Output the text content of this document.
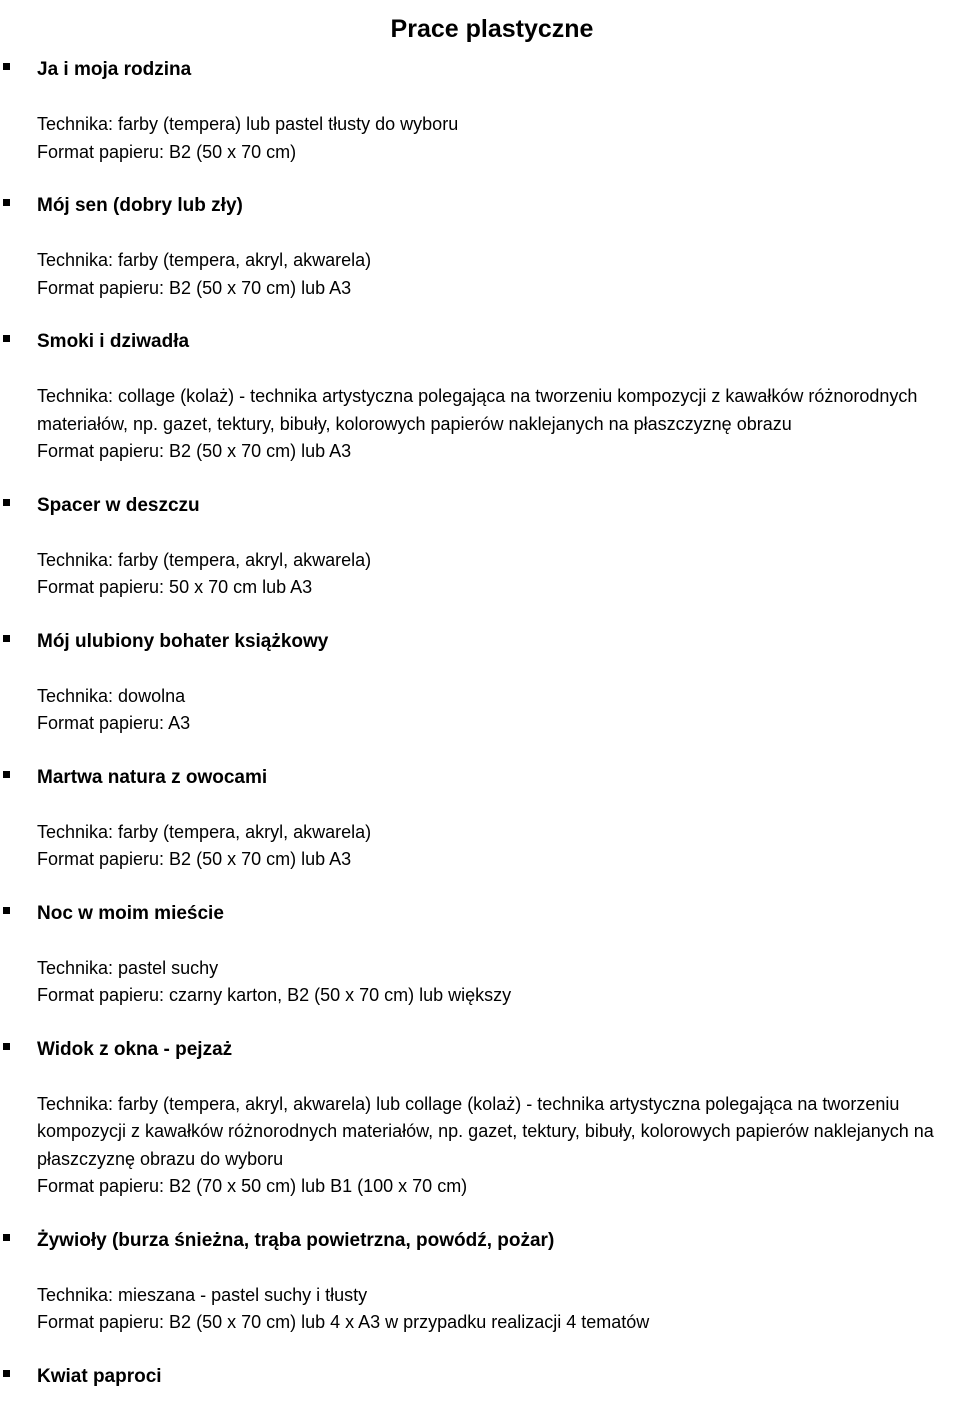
Prace plastyczne
Ja i moja rodzina
Technika: farby (tempera) lub pastel tłusty do wyboru
Format papieru: B2 (50 x 70 cm)
Mój sen (dobry lub zły)
Technika: farby (tempera, akryl, akwarela)
Format papieru: B2 (50 x 70 cm) lub A3
Smoki i dziwadła
Technika: collage (kolaż) - technika artystyczna polegająca na tworzeniu kompozycji z kawałków różnorodnych materiałów, np. gazet, tektury, bibuły, kolorowych papierów naklejanych na płaszczyznę obrazu
Format papieru: B2 (50 x 70 cm) lub A3
Spacer w deszczu
Technika: farby (tempera, akryl, akwarela)
Format papieru: 50 x 70 cm lub A3
Mój ulubiony bohater książkowy
Technika: dowolna
Format papieru: A3
Martwa natura z owocami
Technika: farby (tempera, akryl, akwarela)
Format papieru: B2 (50 x 70 cm) lub A3
Noc w moim mieście
Technika: pastel suchy
Format papieru: czarny karton, B2 (50 x 70 cm) lub większy
Widok z okna - pejzaż
Technika: farby (tempera, akryl, akwarela) lub collage (kolaż) - technika artystyczna polegająca na tworzeniu kompozycji z kawałków różnorodnych materiałów, np. gazet, tektury, bibuły, kolorowych papierów naklejanych na płaszczyznę obrazu do wyboru
Format papieru: B2 (70 x 50 cm) lub B1 (100 x 70 cm)
Żywioły (burza śnieżna, trąba powietrzna, powódź, pożar)
Technika: mieszana - pastel suchy i tłusty
Format papieru: B2 (50 x 70 cm) lub 4 x A3 w przypadku realizacji 4 tematów
Kwiat paproci
